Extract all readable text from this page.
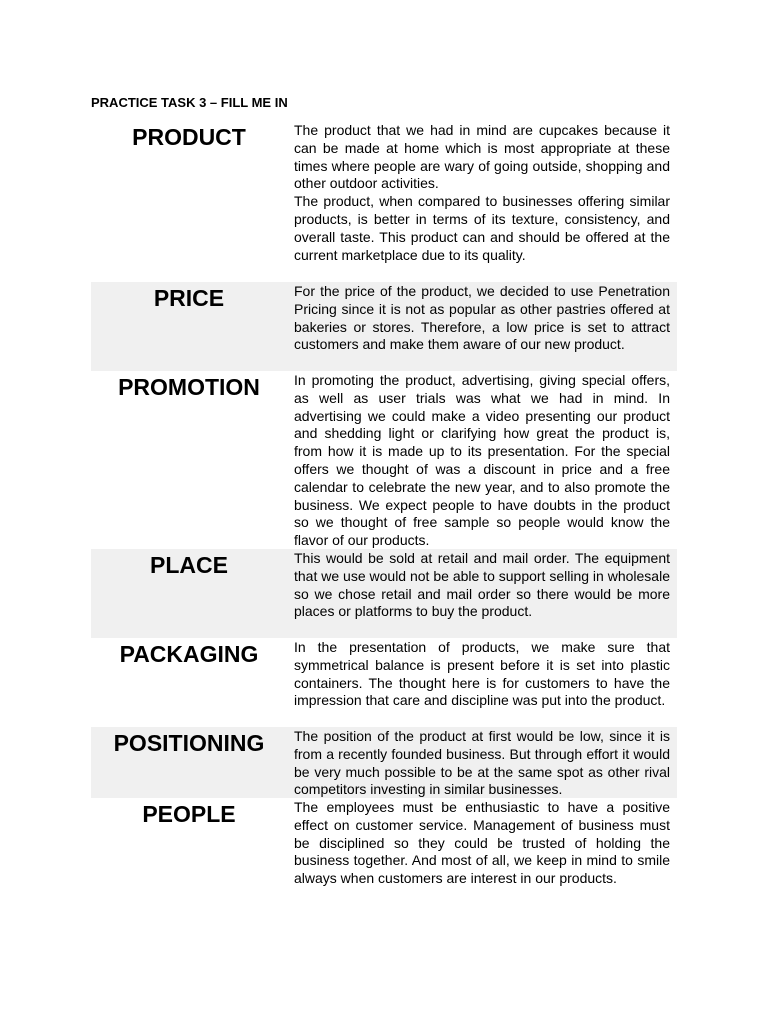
PRACTICE TASK 3 – FILL ME IN
PRODUCT	The product that we had in mind are cupcakes because it can be made at home which is most appropriate at these times where people are wary of going outside, shopping and other outdoor activities.

The product, when compared to businesses offering similar products, is better in terms of its texture, consistency, and overall taste. This product can and should be offered at the current marketplace due to its quality.

PRICE	For the price of the product, we decided to use Penetration Pricing since it is not as popular as other pastries offered at bakeries or stores. Therefore, a low price is set to attract customers and make them aware of our new product.

PROMOTION	In promoting the product, advertising, giving special offers, as well as user trials was what we had in mind. In advertising we could make a video presenting our product and shedding light or clarifying how great the product is, from how it is made up to its presentation. For the special offers we thought of was a discount in price and a free calendar to celebrate the new year, and to also promote the business. We expect people to have doubts in the product so we thought of free sample so people would know the flavor of our products.

PLACE	This would be sold at retail and mail order. The equipment that we use would not be able to support selling in wholesale so we chose retail and mail order so there would be more places or platforms to buy the product.

PACKAGING	In the presentation of products, we make sure that symmetrical balance is present before it is set into plastic containers. The thought here is for customers to have the impression that care and discipline was put into the product.

POSITIONING	The position of the product at first would be low, since it is from a recently founded business. But through effort it would be very much possible to be at the same spot as other rival competitors investing in similar businesses.

PEOPLE	The employees must be enthusiastic to have a positive effect on customer service. Management of business must be disciplined so they could be trusted of holding the business together. And most of all, we keep in mind to smile always when customers are interest in our products.
